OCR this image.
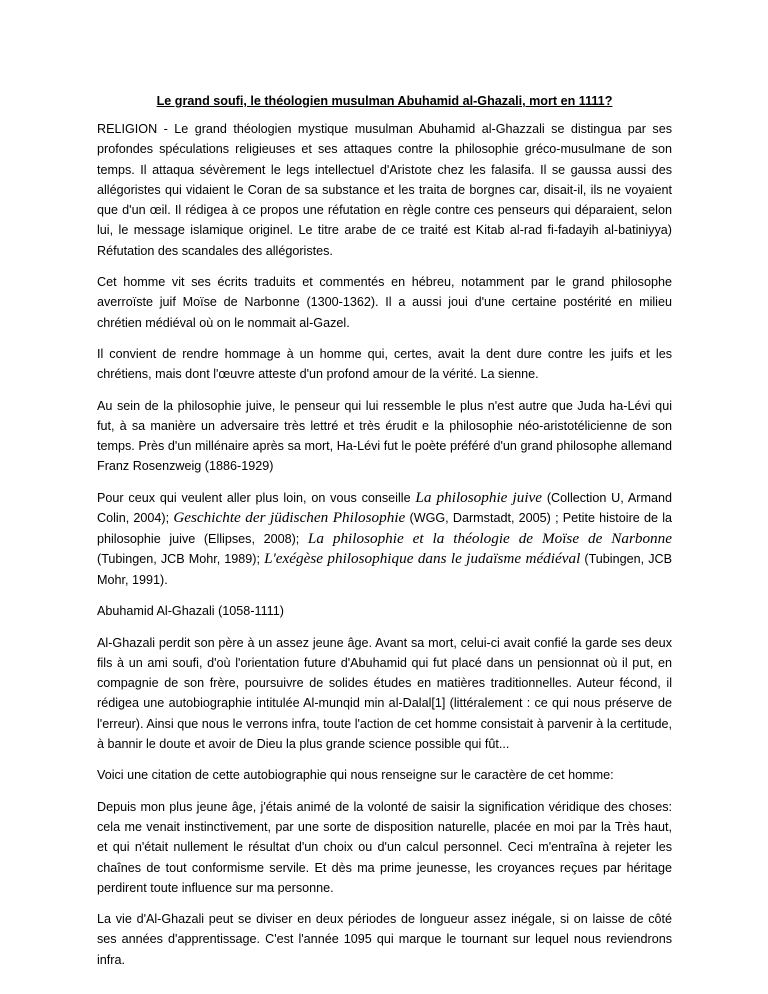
Le grand soufi, le théologien musulman Abuhamid al-Ghazali, mort en 1111?

RELIGION - Le grand théologien mystique musulman Abuhamid al-Ghazzali se distingua par ses profondes spéculations religieuses et ses attaques contre la philosophie gréco-musulmane de son temps. Il attaqua sévèrement le legs intellectuel d'Aristote chez les falasifa. Il se gaussa aussi des allégoristes qui vidaient le Coran de sa substance et les traita de borgnes car, disait-il, ils ne voyaient que d'un œil. Il rédigea à ce propos une réfutation en règle contre ces penseurs qui déparaient, selon lui, le message islamique originel. Le titre arabe de ce traité est Kitab al-rad fi-fadayih al-batiniyya) Réfutation des scandales des allégoristes.

Cet homme vit ses écrits traduits et commentés en hébreu, notamment par le grand philosophe averroïste juif Moïse de Narbonne (1300-1362). Il a aussi joui d'une certaine postérité en milieu chrétien médiéval où on le nommait al-Gazel.

Il convient de rendre hommage à un homme qui, certes, avait la dent dure contre les juifs et les chrétiens, mais dont l'œuvre atteste d'un profond amour de la vérité. La sienne.

Au sein de la philosophie juive, le penseur qui lui ressemble le plus n'est autre que Juda ha-Lévi qui fut, à sa manière un adversaire très lettré et très érudit e la philosophie néo-aristotélicienne de son temps. Près d'un millénaire après sa mort, Ha-Lévi fut le poète préféré d'un grand philosophe allemand Franz Rosenzweig (1886-1929)

Pour ceux qui veulent aller plus loin, on vous conseille La philosophie juive (Collection U, Armand Colin, 2004); Geschichte der jüdischen Philosophie (WGG, Darmstadt, 2005) ; Petite histoire de la philosophie juive (Ellipses, 2008); La philosophie et la théologie de Moïse de Narbonne (Tubingen, JCB Mohr, 1989); L'exégèse philosophique dans le judaïsme médiéval (Tubingen, JCB Mohr, 1991).

Abuhamid Al-Ghazali (1058-1111)

Al-Ghazali perdit son père à un assez jeune âge. Avant sa mort, celui-ci avait confié la garde ses deux fils à un ami soufi, d'où l'orientation future d'Abuhamid qui fut placé dans un pensionnat où il put, en compagnie de son frère, poursuivre de solides études en matières traditionnelles. Auteur fécond, il rédigea une autobiographie intitulée Al-munqid min al-Dalal[1] (littéralement : ce qui nous préserve de l'erreur). Ainsi que nous le verrons infra, toute l'action de cet homme consistait à parvenir à la certitude, à bannir le doute et avoir de Dieu la plus grande science possible qui fût...

Voici une citation de cette autobiographie qui nous renseigne sur le caractère de cet homme:

Depuis mon plus jeune âge, j'étais animé de la volonté de saisir la signification véridique des choses: cela me venait instinctivement, par une sorte de disposition naturelle, placée en moi par la Très haut, et qui n'était nullement le résultat d'un choix ou d'un calcul personnel. Ceci m'entraîna à rejeter les chaînes de tout conformisme servile. Et dès ma prime jeunesse, les croyances reçues par héritage perdirent toute influence sur ma personne.

La vie d'Al-Ghazali peut se diviser en deux périodes de longueur assez inégale, si on laisse de côté ses années d'apprentissage. C'est l'année 1095 qui marque le tournant sur lequel nous reviendrons infra.
